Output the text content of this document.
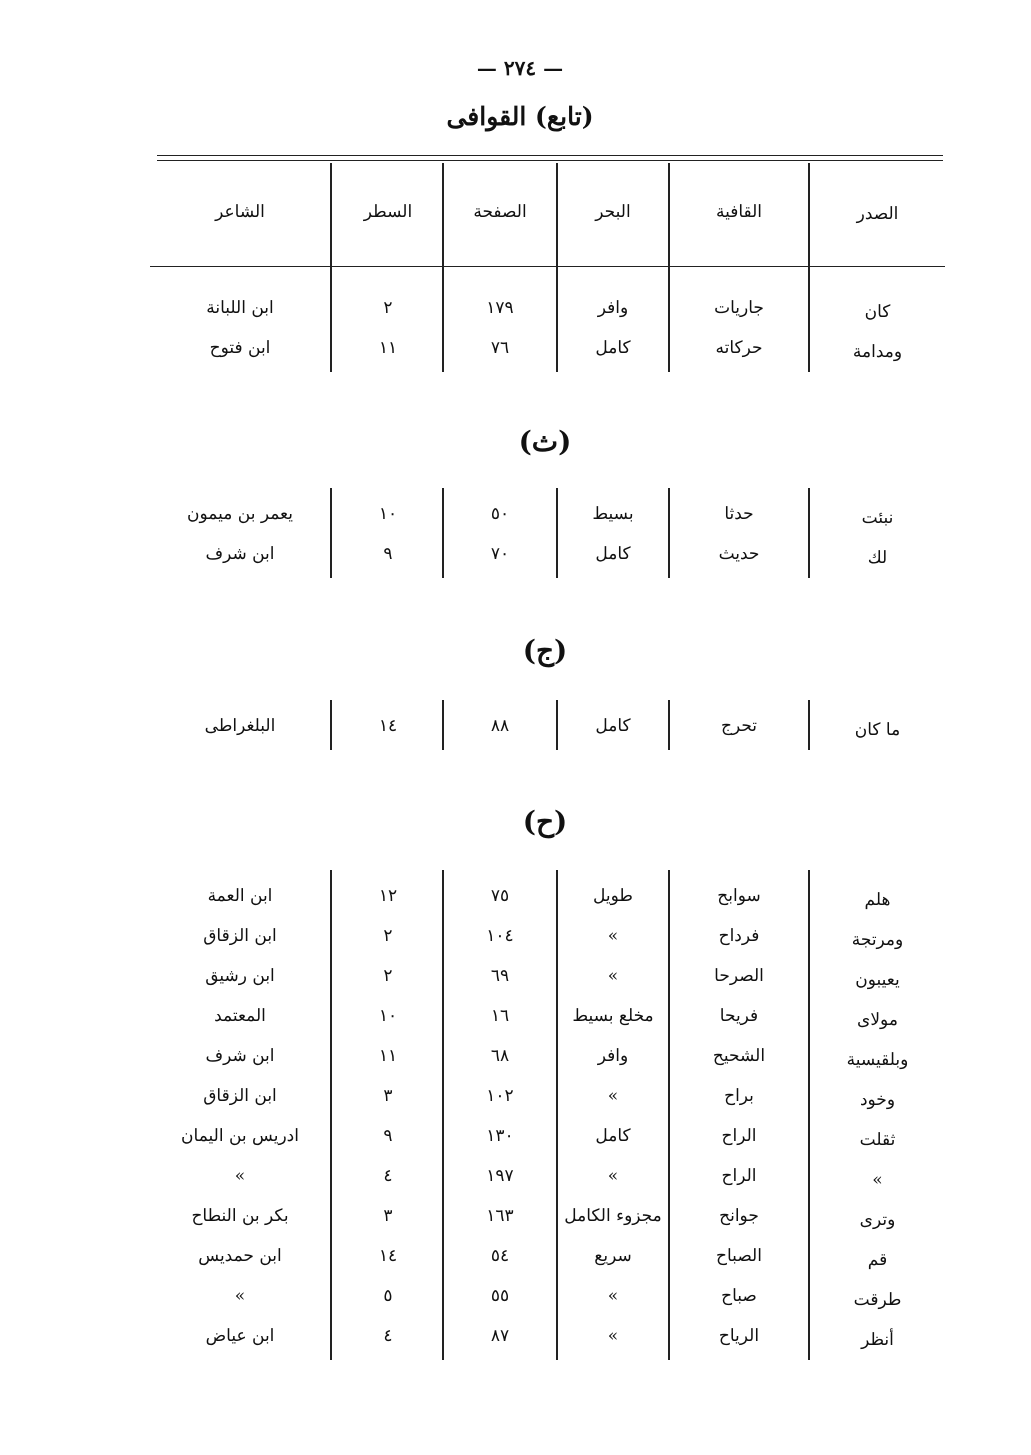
— ٢٧٤ —
(تابع) القوافى
الصدر
القافية
البحر
الصفحة
السطر
الشاعر
كان
جاريات
وافر
١٧٩
٢
ابن اللبانة
ومدامة
حركاته
كامل
٧٦
١١
ابن فتوح
(ث)
نبئت
حدثا
بسيط
٥٠
١٠
يعمر بن ميمون
لك
حديث
كامل
٧٠
٩
ابن شرف
(ج)
ما كان
تحرج
كامل
٨٨
١٤
البلغراطى
(ح)
هلم
سوابح
طويل
٧٥
١٢
ابن العمة
ومرتجة
فرداح
»
١٠٤
٢
ابن الزقاق
يعيبون
الصرحا
»
٦٩
٢
ابن رشيق
مولاى
فريحا
مخلع بسيط
١٦
١٠
المعتمد
وبلقيسية
الشحيح
وافر
٦٨
١١
ابن شرف
وخود
براح
»
١٠٢
٣
ابن الزقاق
ثقلت
الراح
كامل
١٣٠
٩
ادريس بن اليمان
»
الراح
»
١٩٧
٤
»
وترى
جوانح
مجزوء الكامل
١٦٣
٣
بكر بن النطاح
قم
الصباح
سريع
٥٤
١٤
ابن حمديس
طرقت
صباح
»
٥٥
٥
»
أنظر
الرياح
»
٨٧
٤
ابن عياض
